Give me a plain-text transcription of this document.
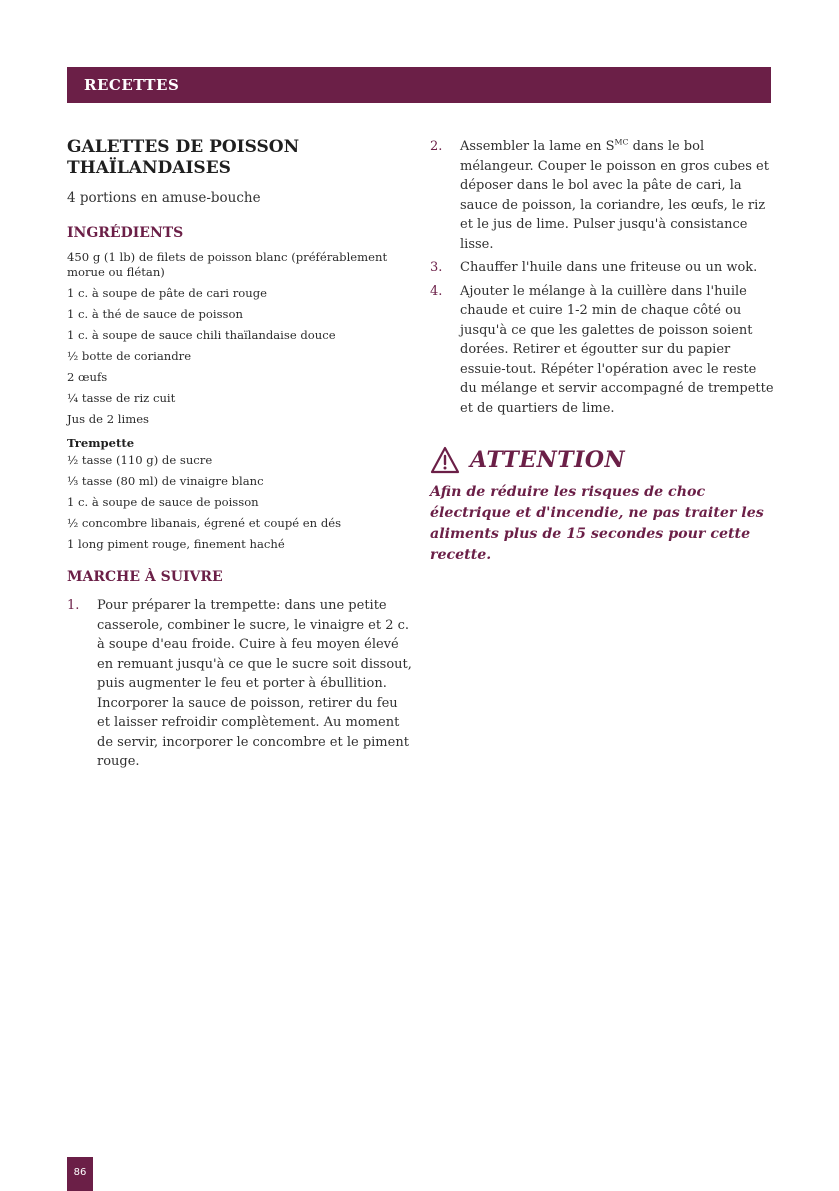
RECETTES
GALETTES DE POISSON
THAÏLANDAISES

4 portions en amuse-bouche

INGRÉDIENTS
450 g (1 lb) de filets de poisson blanc (préférablement morue ou flétan)
1 c. à soupe de pâte de cari rouge
1 c. à thé de sauce de poisson
1 c. à soupe de sauce chili thaïlandaise douce
½ botte de coriandre
2 œufs
¼ tasse de riz cuit
Jus de 2 limes
Trempette
½ tasse (110 g) de sucre
⅓ tasse (80 ml) de vinaigre blanc
1 c. à soupe de sauce de poisson
½ concombre libanais, égrené et coupé en dés
1 long piment rouge, finement haché
MARCHE À SUIVRE
1. Pour préparer la trempette: dans une petite casserole, combiner le sucre, le vinaigre et 2 c. à soupe d'eau froide. Cuire à feu moyen élevé en remuant jusqu'à ce que le sucre soit dissout, puis augmenter le feu et porter à ébullition. Incorporer la sauce de poisson, retirer du feu et laisser refroidir complètement. Au moment de servir, incorporer le concombre et le piment rouge.
2. Assembler la lame en $S^{MC}$ dans le bol mélangeur. Couper le poisson en gros cubes et déposer dans le bol avec la pâte de cari, la sauce de poisson, la coriandre, les œufs, le riz et le jus de lime. Pulser jusqu'à consistance lisse.
3. Chauffer l'huile dans une friteuse ou un wok.
4. Ajouter le mélange à la cuillère dans l'huile chaude et cuire 1-2 min de chaque côté ou jusqu'à ce que les galettes de poisson soient dorées. Retirer et égoutter sur du papier essuie-tout. Répéter l'opération avec le reste du mélange et servir accompagné de trempette et de quartiers de lime.
ATTENTION
Afin de réduire les risques de choc électrique et d'incendie, ne pas traiter les aliments plus de 15 secondes pour cette recette.
86
